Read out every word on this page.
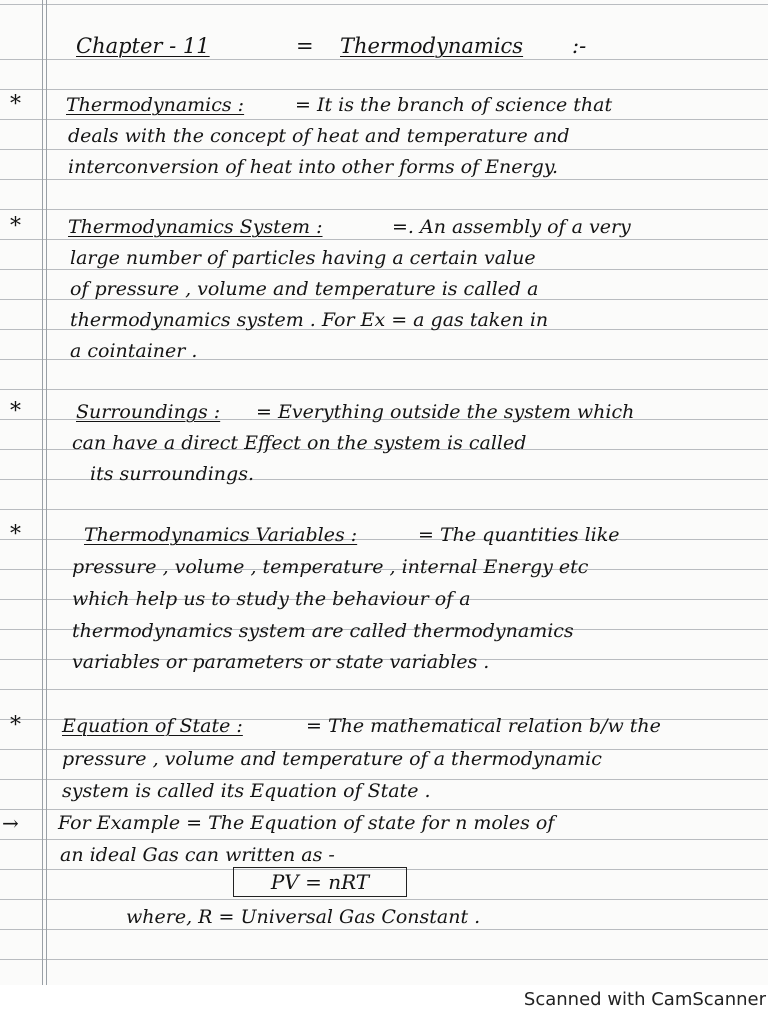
Chapter - 11	= Thermodynamics :-
* Thermodynamics :	= It is the branch of science that
deals with the concept of heat and temperature and
interconversion of heat into other forms of Energy.
* Thermodynamics System :	=. An assembly of a very
large number of particles having a certain value
of pressure , volume and temperature is called a
thermodynamics system . For Ex = a gas taken in
a cointainer .
*	Surroundings : = Everything outside the system which
can have a direct Effect on the system is called
its surroundings.
*	Thermodynamics Variables :	= The quantities like
pressure , volume , temperature , internal Energy etc
which help us to study the behaviour of a
thermodynamics system are called thermodynamics
variables or parameters or state variables .
* Equation of State :	= The mathematical relation b/w the
pressure , volume and temperature of a thermodynamic
system is called its Equation of State .
→ For Example = The Equation of state for n moles of
an ideal Gas can written as -
PV = nRT
where, R = Universal Gas Constant .
Scanned with CamScanner
